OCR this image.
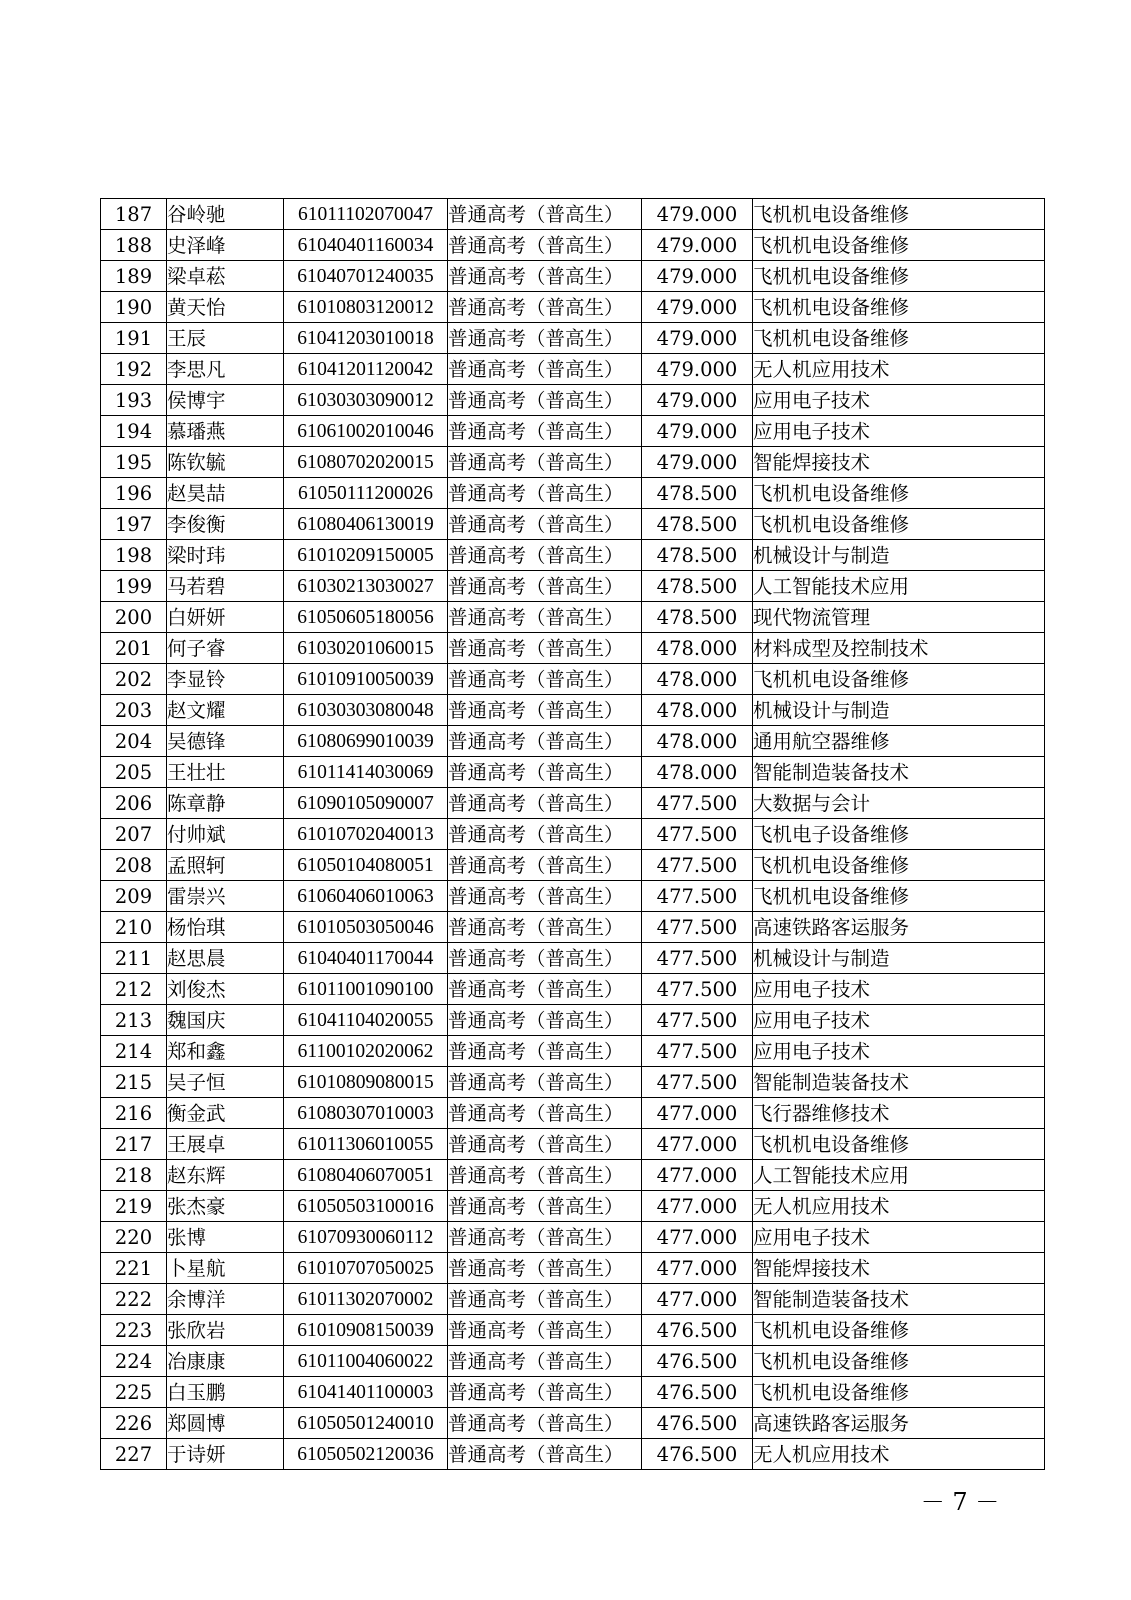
187	谷岭驰	61011102070047	普通高考（普高生）	479.000	飞机机电设备维修
188	史泽峰	61040401160034	普通高考（普高生）	479.000	飞机机电设备维修
189	梁卓菘	61040701240035	普通高考（普高生）	479.000	飞机机电设备维修
190	黄天怡	61010803120012	普通高考（普高生）	479.000	飞机机电设备维修
191	王辰	61041203010018	普通高考（普高生）	479.000	飞机机电设备维修
192	李思凡	61041201120042	普通高考（普高生）	479.000	无人机应用技术
193	侯博宇	61030303090012	普通高考（普高生）	479.000	应用电子技术
194	慕璠燕	61061002010046	普通高考（普高生）	479.000	应用电子技术
195	陈钦毓	61080702020015	普通高考（普高生）	479.000	智能焊接技术
196	赵昊喆	61050111200026	普通高考（普高生）	478.500	飞机机电设备维修
197	李俊衡	61080406130019	普通高考（普高生）	478.500	飞机机电设备维修
198	梁时玮	61010209150005	普通高考（普高生）	478.500	机械设计与制造
199	马若碧	61030213030027	普通高考（普高生）	478.500	人工智能技术应用
200	白妍妍	61050605180056	普通高考（普高生）	478.500	现代物流管理
201	何子睿	61030201060015	普通高考（普高生）	478.000	材料成型及控制技术
202	李显铃	61010910050039	普通高考（普高生）	478.000	飞机机电设备维修
203	赵文耀	61030303080048	普通高考（普高生）	478.000	机械设计与制造
204	吴德锋	61080699010039	普通高考（普高生）	478.000	通用航空器维修
205	王壮壮	61011414030069	普通高考（普高生）	478.000	智能制造装备技术
206	陈章静	61090105090007	普通高考（普高生）	477.500	大数据与会计
207	付帅斌	61010702040013	普通高考（普高生）	477.500	飞机电子设备维修
208	孟照轲	61050104080051	普通高考（普高生）	477.500	飞机机电设备维修
209	雷崇兴	61060406010063	普通高考（普高生）	477.500	飞机机电设备维修
210	杨怡琪	61010503050046	普通高考（普高生）	477.500	高速铁路客运服务
211	赵思晨	61040401170044	普通高考（普高生）	477.500	机械设计与制造
212	刘俊杰	61011001090100	普通高考（普高生）	477.500	应用电子技术
213	魏国庆	61041104020055	普通高考（普高生）	477.500	应用电子技术
214	郑和鑫	61100102020062	普通高考（普高生）	477.500	应用电子技术
215	吴子恒	61010809080015	普通高考（普高生）	477.500	智能制造装备技术
216	衡金武	61080307010003	普通高考（普高生）	477.000	飞行器维修技术
217	王展卓	61011306010055	普通高考（普高生）	477.000	飞机机电设备维修
218	赵东辉	61080406070051	普通高考（普高生）	477.000	人工智能技术应用
219	张杰豪	61050503100016	普通高考（普高生）	477.000	无人机应用技术
220	张博	61070930060112	普通高考（普高生）	477.000	应用电子技术
221	卜星航	61010707050025	普通高考（普高生）	477.000	智能焊接技术
222	余博洋	61011302070002	普通高考（普高生）	477.000	智能制造装备技术
223	张欣岩	61010908150039	普通高考（普高生）	476.500	飞机机电设备维修
224	冶康康	61011004060022	普通高考（普高生）	476.500	飞机机电设备维修
225	白玉鹏	61041401100003	普通高考（普高生）	476.500	飞机机电设备维修
226	郑圆博	61050501240010	普通高考（普高生）	476.500	高速铁路客运服务
227	于诗妍	61050502120036	普通高考（普高生）	476.500	无人机应用技术
－ 7 －
